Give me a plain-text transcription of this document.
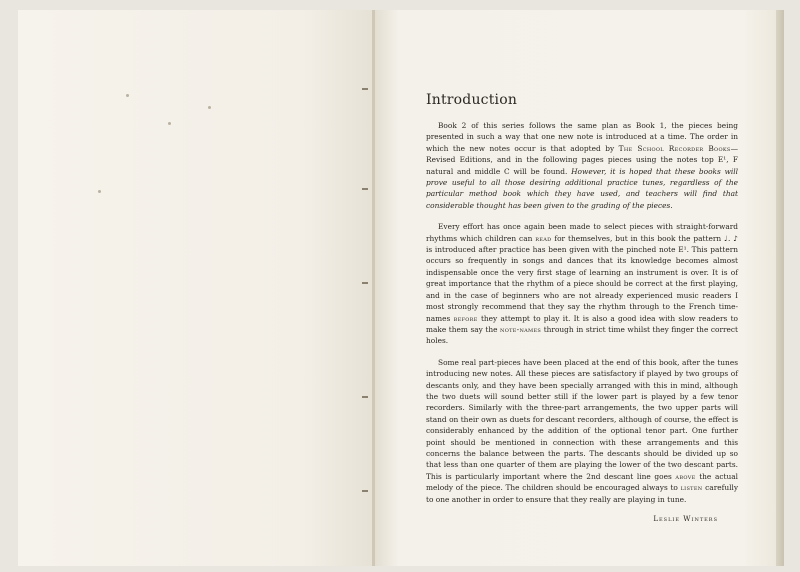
Introduction

Book 2 of this series follows the same plan as Book 1, the pieces being presented in such a way that one new note is introduced at a time. The order in which the new notes occur is that adopted by The School Recorder Books—Revised Editions, and in the following pages pieces using the notes top E¹, F natural and middle C will be found. However, it is hoped that these books will prove useful to all those desiring additional practice tunes, regardless of the particular method book which they have used, and teachers will find that considerable thought has been given to the grading of the pieces.

Every effort has once again been made to select pieces with straight-forward rhythms which children can read for themselves, but in this book the pattern ♩. ♪ is introduced after practice has been given with the pinched note E¹. This pattern occurs so frequently in songs and dances that its knowledge becomes almost indispensable once the very first stage of learning an instrument is over. It is of great importance that the rhythm of a piece should be correct at the first playing, and in the case of beginners who are not already experienced music readers I most strongly recommend that they say the rhythm through to the French time-names before they attempt to play it. It is also a good idea with slow readers to make them say the note-names through in strict time whilst they finger the correct holes.

Some real part-pieces have been placed at the end of this book, after the tunes introducing new notes. All these pieces are satisfactory if played by two groups of descants only, and they have been specially arranged with this in mind, although the two duets will sound better still if the lower part is played by a few tenor recorders. Similarly with the three-part arrangements, the two upper parts will stand on their own as duets for descant recorders, although of course, the effect is considerably enhanced by the addition of the optional tenor part. One further point should be mentioned in connection with these arrangements and this concerns the balance between the parts. The descants should be divided up so that less than one quarter of them are playing the lower of the two descant parts. This is particularly important where the 2nd descant line goes above the actual melody of the piece. The children should be encouraged always to listen carefully to one another in order to ensure that they really are playing in tune.

Leslie Winters
